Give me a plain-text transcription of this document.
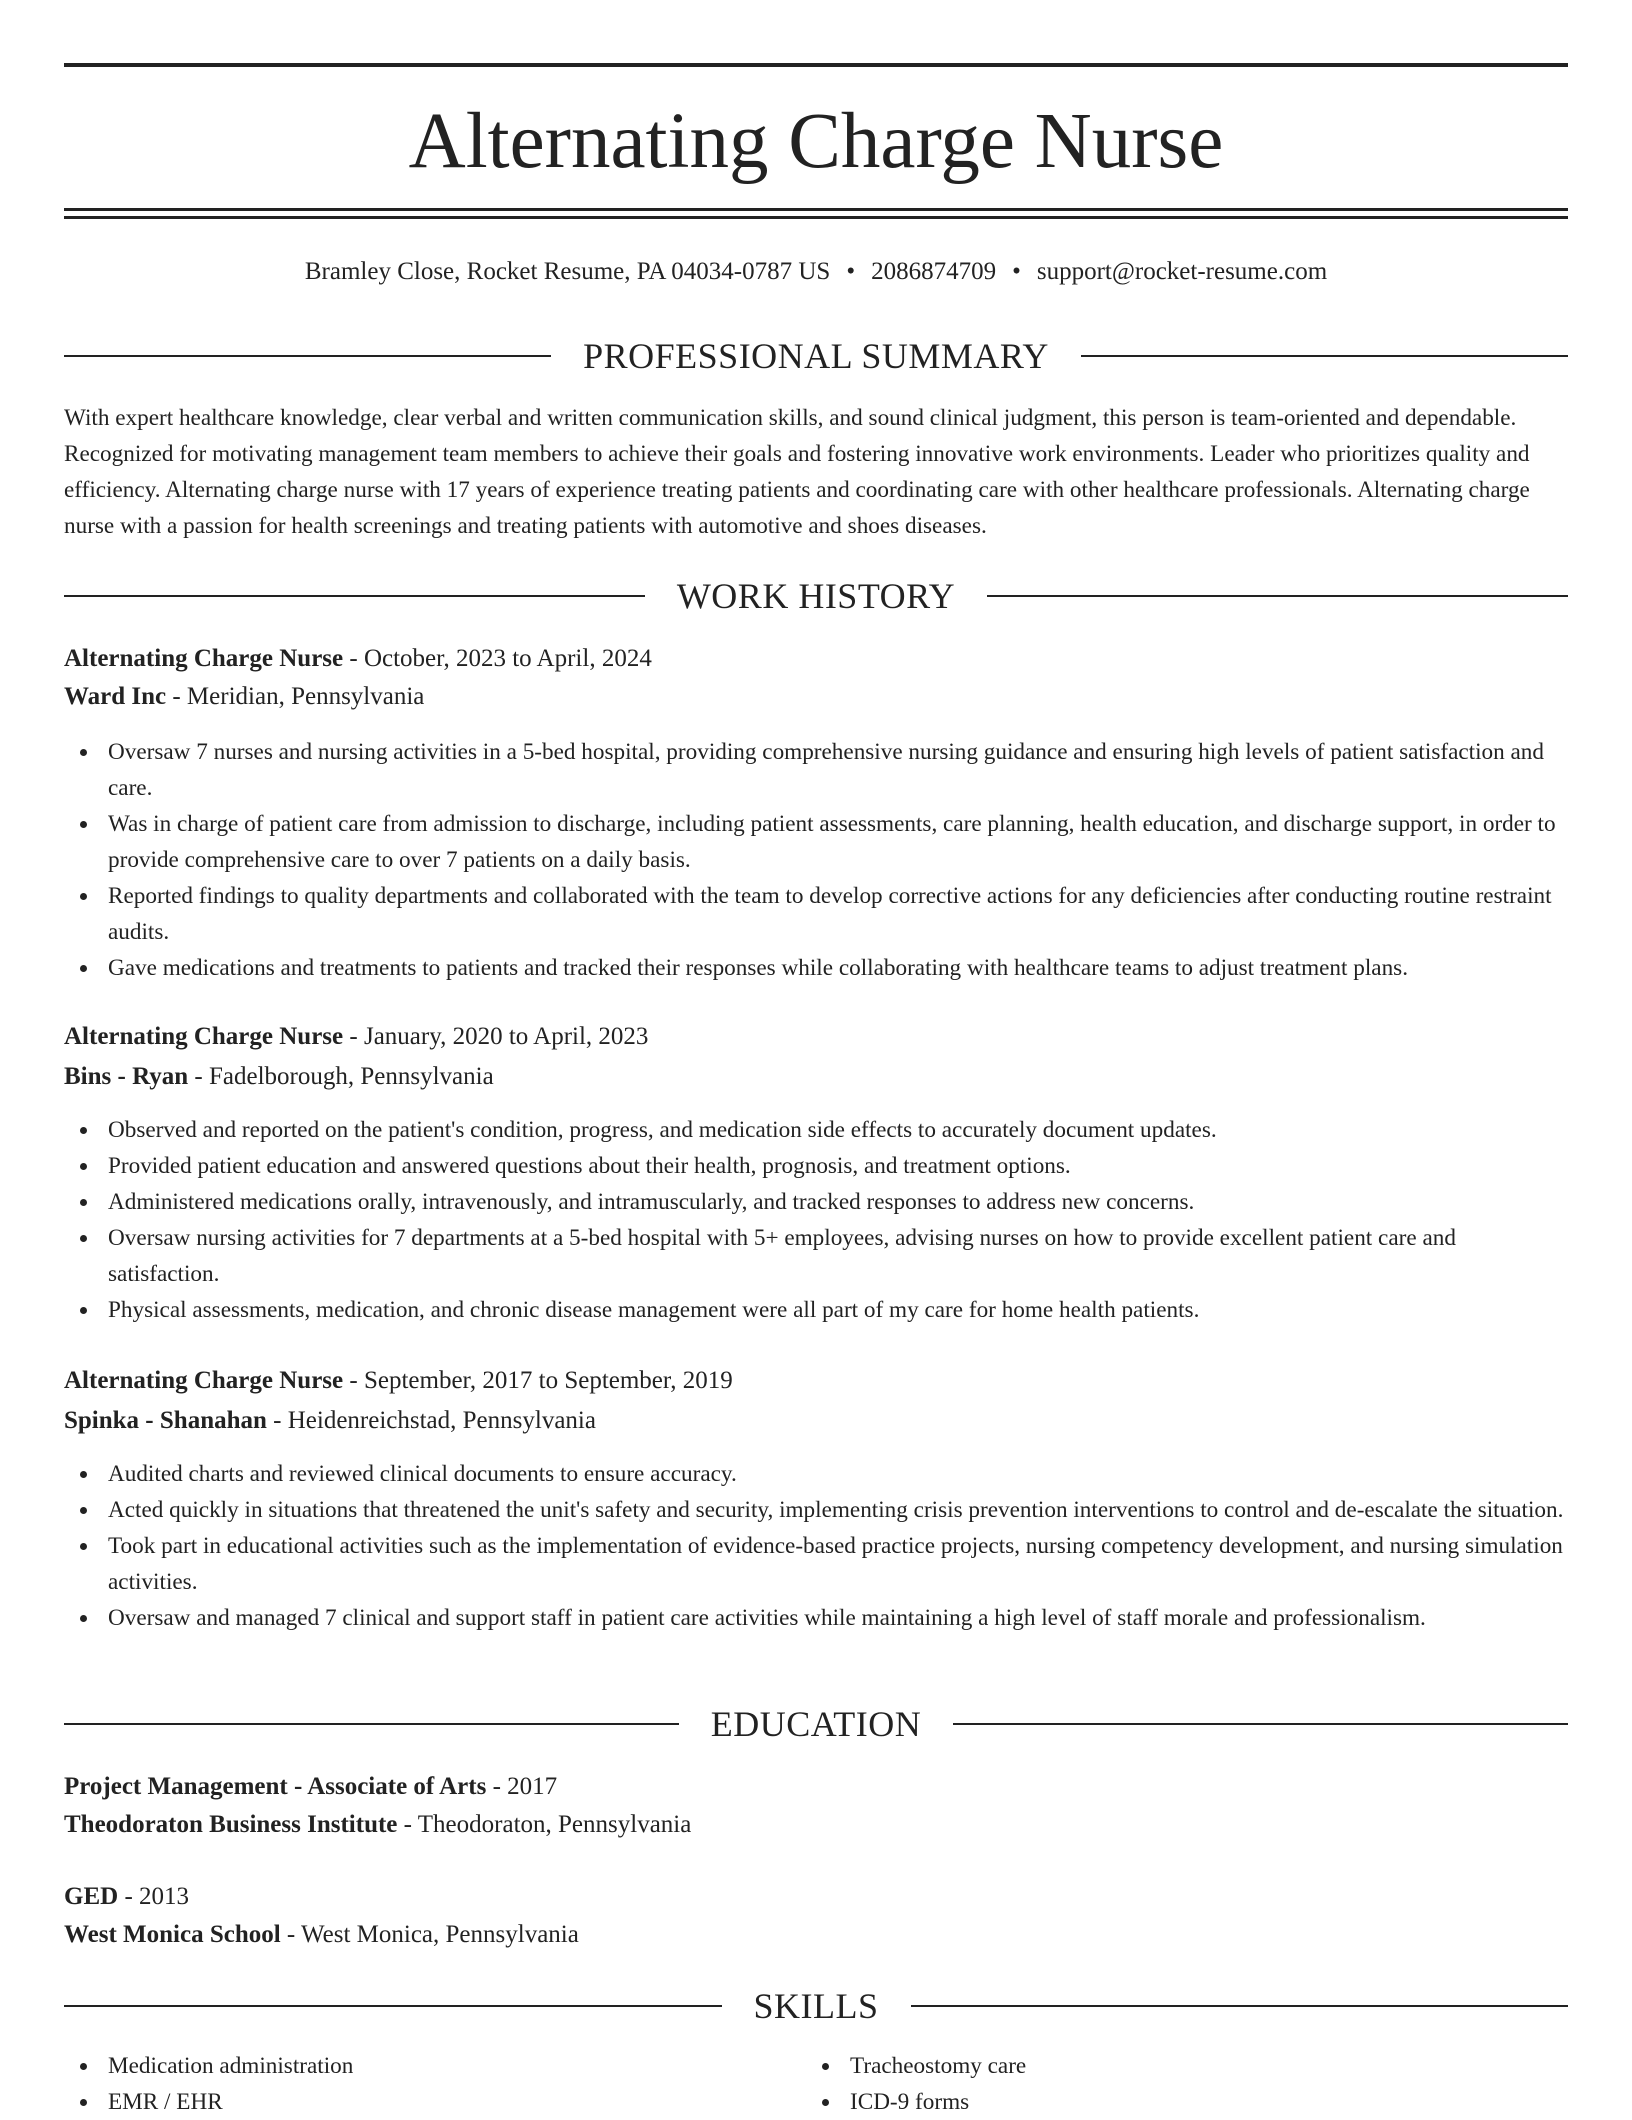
Alternating Charge Nurse
Bramley Close, Rocket Resume, PA 04034-0787 US • 2086874709 • support@rocket-resume.com
PROFESSIONAL SUMMARY

With expert healthcare knowledge, clear verbal and written communication skills, and sound clinical judgment, this person is team-oriented and dependable. Recognized for motivating management team members to achieve their goals and fostering innovative work environments. Leader who prioritizes quality and efficiency. Alternating charge nurse with 17 years of experience treating patients and coordinating care with other healthcare professionals. Alternating charge nurse with a passion for health screenings and treating patients with automotive and shoes diseases.

WORK HISTORY
Alternating Charge Nurse - October, 2023 to April, 2024
Ward Inc - Meridian, Pennsylvania
Oversaw 7 nurses and nursing activities in a 5-bed hospital, providing comprehensive nursing guidance and ensuring high levels of patient satisfaction and care.
Was in charge of patient care from admission to discharge, including patient assessments, care planning, health education, and discharge support, in order to provide comprehensive care to over 7 patients on a daily basis.
Reported findings to quality departments and collaborated with the team to develop corrective actions for any deficiencies after conducting routine restraint audits.
Gave medications and treatments to patients and tracked their responses while collaborating with healthcare teams to adjust treatment plans.
Alternating Charge Nurse - January, 2020 to April, 2023
Bins - Ryan - Fadelborough, Pennsylvania
Observed and reported on the patient's condition, progress, and medication side effects to accurately document updates.
Provided patient education and answered questions about their health, prognosis, and treatment options.
Administered medications orally, intravenously, and intramuscularly, and tracked responses to address new concerns.
Oversaw nursing activities for 7 departments at a 5-bed hospital with 5+ employees, advising nurses on how to provide excellent patient care and satisfaction.
Physical assessments, medication, and chronic disease management were all part of my care for home health patients.
Alternating Charge Nurse - September, 2017 to September, 2019
Spinka - Shanahan - Heidenreichstad, Pennsylvania
Audited charts and reviewed clinical documents to ensure accuracy.
Acted quickly in situations that threatened the unit's safety and security, implementing crisis prevention interventions to control and de-escalate the situation.
Took part in educational activities such as the implementation of evidence-based practice projects, nursing competency development, and nursing simulation activities.
Oversaw and managed 7 clinical and support staff in patient care activities while maintaining a high level of staff morale and professionalism.
EDUCATION
Project Management - Associate of Arts - 2017
Theodoraton Business Institute - Theodoraton, Pennsylvania
GED - 2013
West Monica School - West Monica, Pennsylvania
SKILLS
Medication administration
EMR / EHR
Tracheostomy care
ICD-9 forms
